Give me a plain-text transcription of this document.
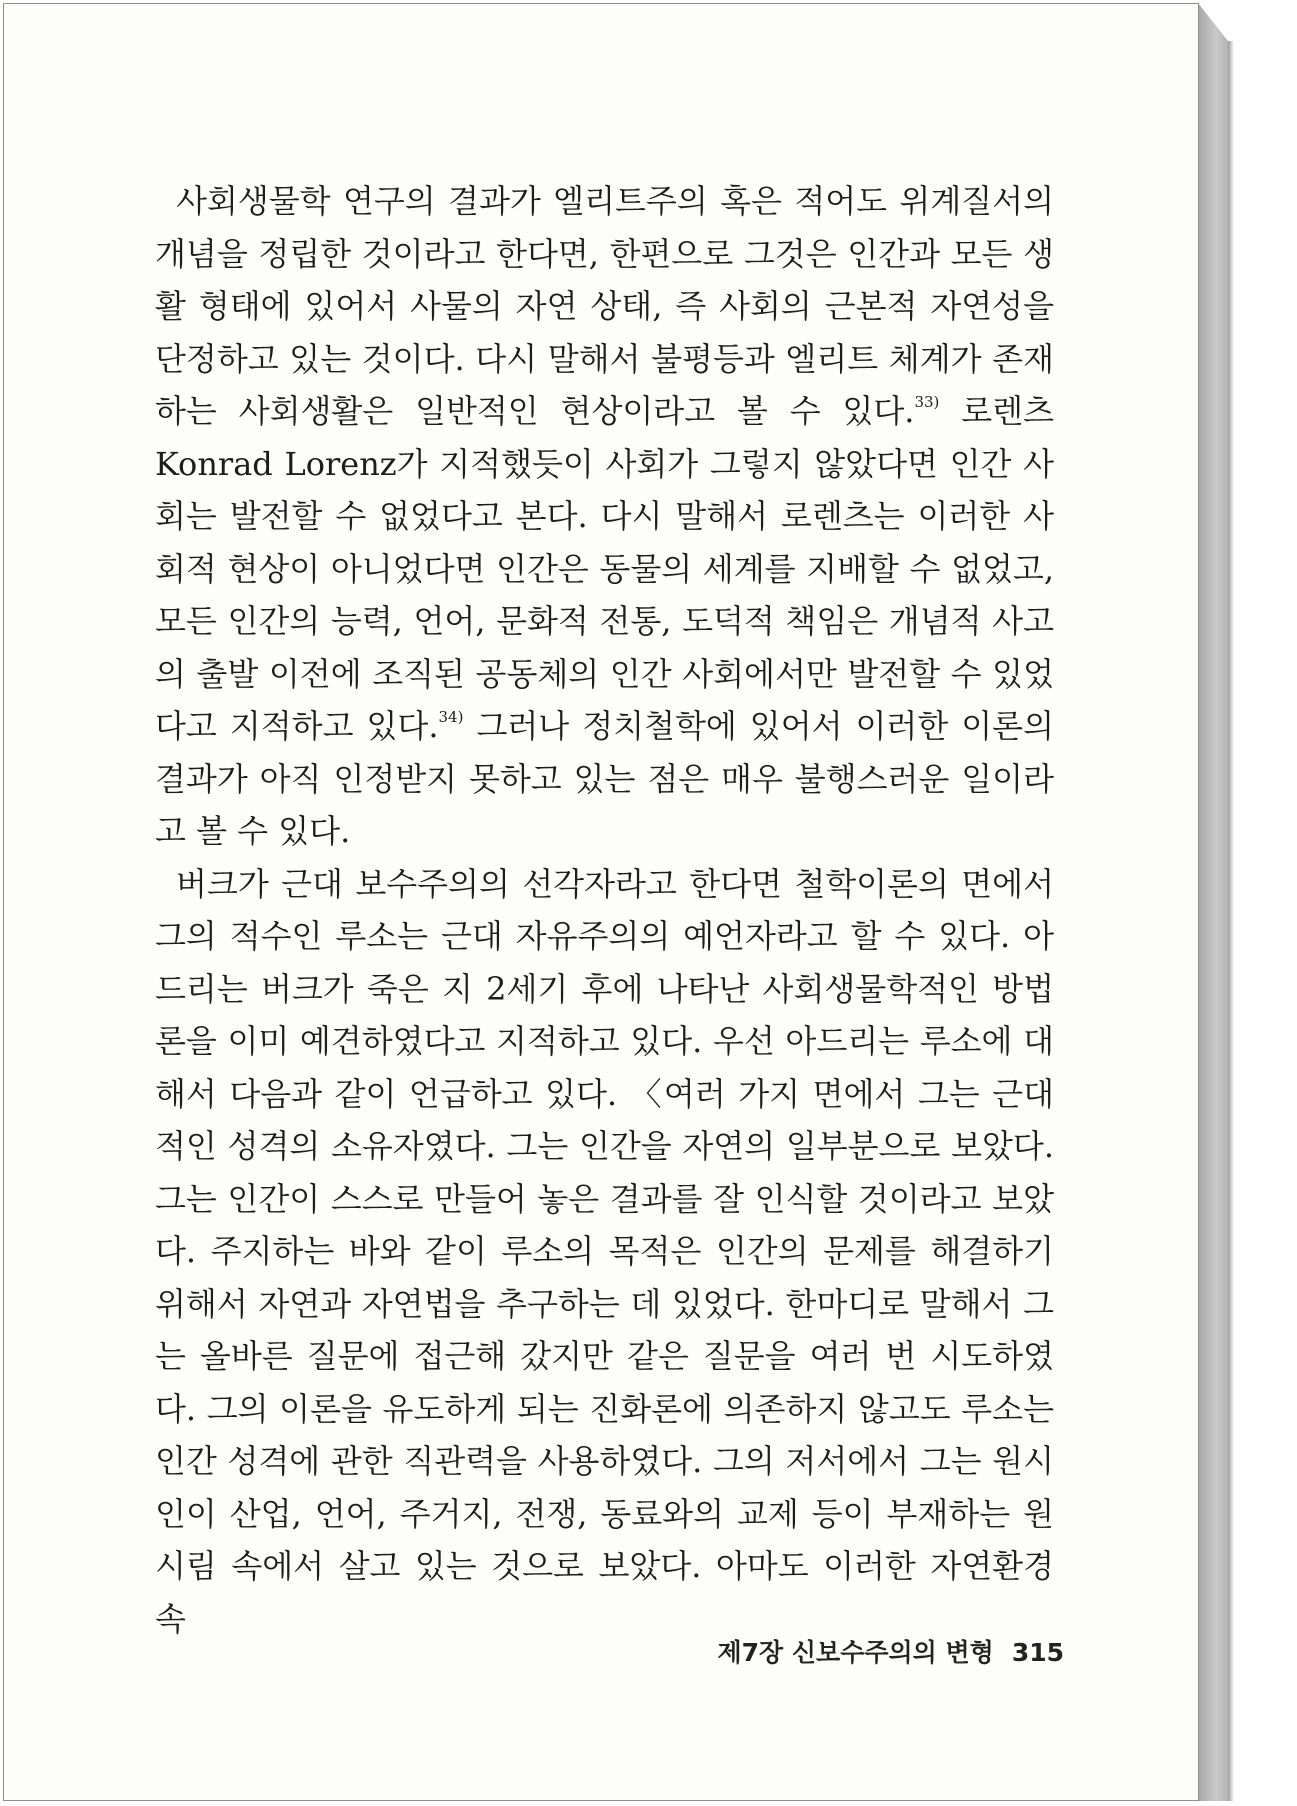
사회생물학 연구의 결과가 엘리트주의 혹은 적어도 위계질서의 개념을 정립한 것이라고 한다면, 한편으로 그것은 인간과 모든 생활 형태에 있어서 사물의 자연 상태, 즉 사회의 근본적 자연성을 단정하고 있는 것이다. 다시 말해서 불평등과 엘리트 체계가 존재하는 사회생활은 일반적인 현상이라고 볼 수 있다.$^{33)}$ 로렌츠 Konrad Lorenz가 지적했듯이 사회가 그렇지 않았다면 인간 사회는 발전할 수 없었다고 본다. 다시 말해서 로렌츠는 이러한 사회적 현상이 아니었다면 인간은 동물의 세계를 지배할 수 없었고, 모든 인간의 능력, 언어, 문화적 전통, 도덕적 책임은 개념적 사고의 출발 이전에 조직된 공동체의 인간 사회에서만 발전할 수 있었다고 지적하고 있다.$^{34)}$ 그러나 정치철학에 있어서 이러한 이론의 결과가 아직 인정받지 못하고 있는 점은 매우 불행스러운 일이라고 볼 수 있다.

버크가 근대 보수주의의 선각자라고 한다면 철학이론의 면에서 그의 적수인 루소는 근대 자유주의의 예언자라고 할 수 있다. 아드리는 버크가 죽은 지 2세기 후에 나타난 사회생물학적인 방법론을 이미 예견하였다고 지적하고 있다. 우선 아드리는 루소에 대해서 다음과 같이 언급하고 있다. 〈여러 가지 면에서 그는 근대적인 성격의 소유자였다. 그는 인간을 자연의 일부분으로 보았다. 그는 인간이 스스로 만들어 놓은 결과를 잘 인식할 것이라고 보았다. 주지하는 바와 같이 루소의 목적은 인간의 문제를 해결하기 위해서 자연과 자연법을 추구하는 데 있었다. 한마디로 말해서 그는 올바른 질문에 접근해 갔지만 같은 질문을 여러 번 시도하였다. 그의 이론을 유도하게 되는 진화론에 의존하지 않고도 루소는 인간 성격에 관한 직관력을 사용하였다. 그의 저서에서 그는 원시인이 산업, 언어, 주거지, 전쟁, 동료와의 교제 등이 부재하는 원시림 속에서 살고 있는 것으로 보았다. 아마도 이러한 자연환경 속

제7장 신보수주의의 변형 315
